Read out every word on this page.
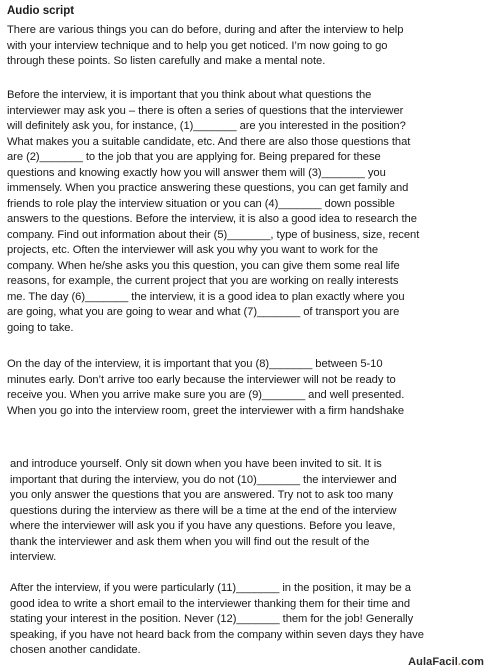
Audio script

There are various things you can do before, during and after the interview to help
with your interview technique and to help you get noticed. I’m now going to go
through these points. So listen carefully and make a mental note.

Before the interview, it is important that you think about what questions the
interviewer may ask you – there is often a series of questions that the interviewer
will definitely ask you, for instance, (1)_______ are you interested in the position?
What makes you a suitable candidate, etc. And there are also those questions that
are (2)_______ to the job that you are applying for. Being prepared for these
questions and knowing exactly how you will answer them will (3)_______ you
immensely. When you practice answering these questions, you can get family and
friends to role play the interview situation or you can (4)_______ down possible
answers to the questions. Before the interview, it is also a good idea to research the
company. Find out information about their (5)_______, type of business, size, recent
projects, etc. Often the interviewer will ask you why you want to work for the
company. When he/she asks you this question, you can give them some real life
reasons, for example, the current project that you are working on really interests
me. The day (6)_______ the interview, it is a good idea to plan exactly where you
are going, what you are going to wear and what (7)_______ of transport you are
going to take.

On the day of the interview, it is important that you (8)_______ between 5-10
minutes early. Don’t arrive too early because the interviewer will not be ready to
receive you. When you arrive make sure you are (9)_______ and well presented.
When you go into the interview room, greet the interviewer with a firm handshake

and introduce yourself. Only sit down when you have been invited to sit. It is
important that during the interview, you do not (10)_______ the interviewer and
you only answer the questions that you are answered. Try not to ask too many
questions during the interview as there will be a time at the end of the interview
where the interviewer will ask you if you have any questions. Before you leave,
thank the interviewer and ask them when you will find out the result of the
interview.

After the interview, if you were particularly (11)_______ in the position, it may be a
good idea to write a short email to the interviewer thanking them for their time and
stating your interest in the position. Never (12)_______ them for the job! Generally
speaking, if you have not heard back from the company within seven days they have
chosen another candidate.

Aula Facil . com
